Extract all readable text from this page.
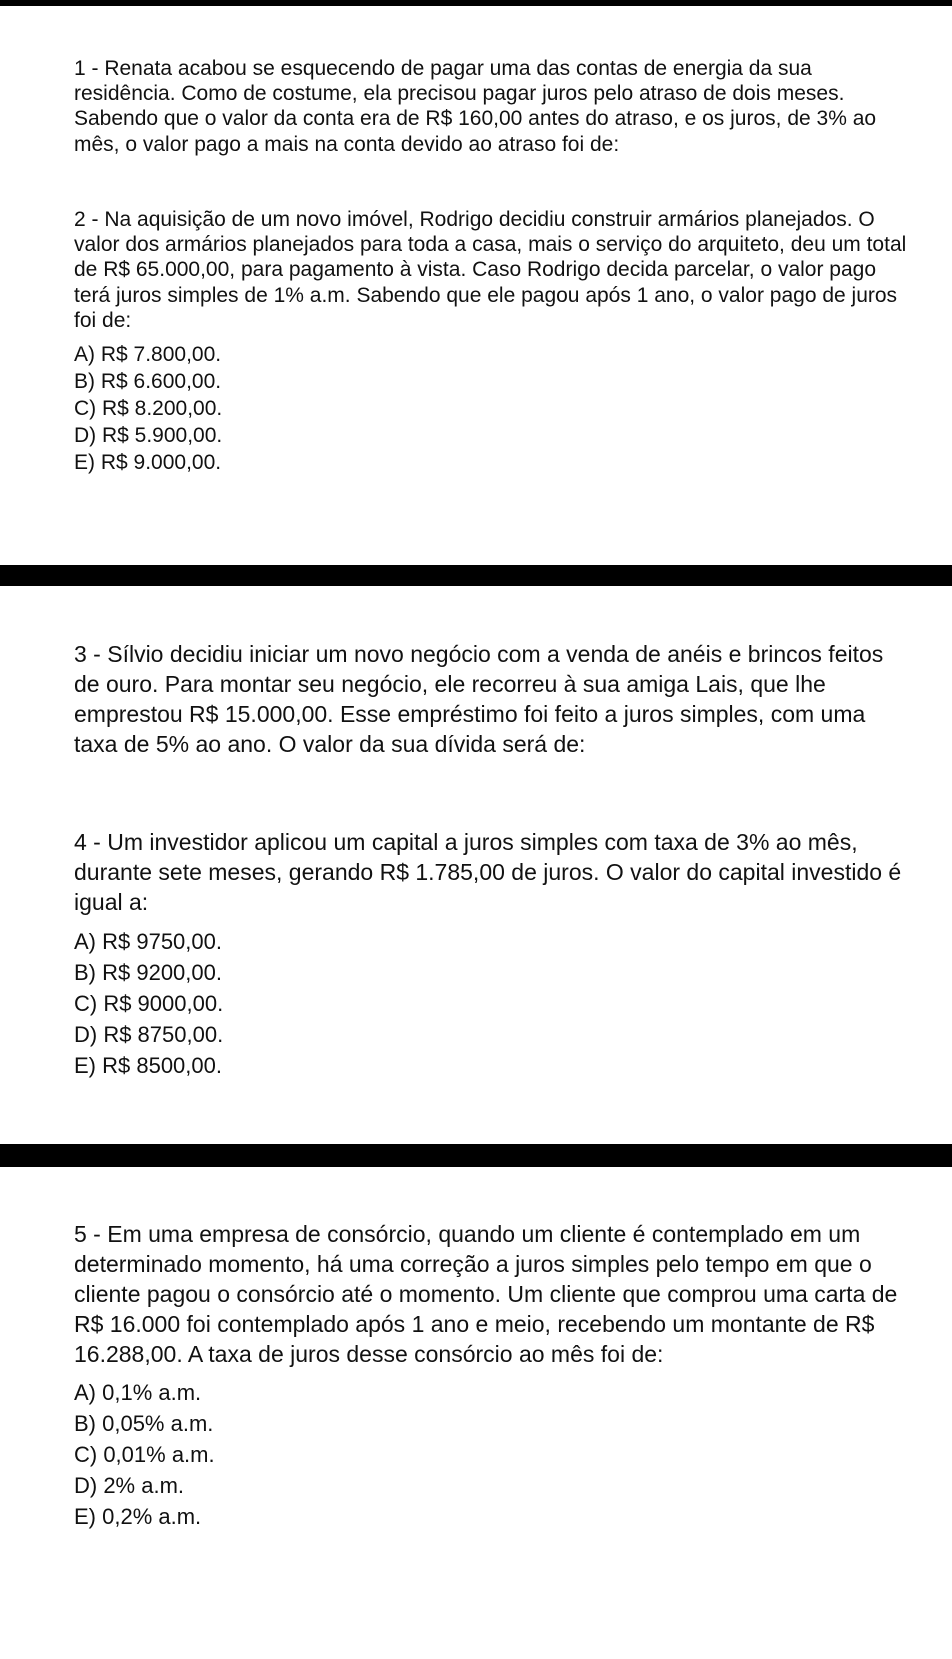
1 - Renata acabou se esquecendo de pagar uma das contas de energia da sua residência. Como de costume, ela precisou pagar juros pelo atraso de dois meses. Sabendo que o valor da conta era de R$ 160,00 antes do atraso, e os juros, de 3% ao mês, o valor pago a mais na conta devido ao atraso foi de:

2 - Na aquisição de um novo imóvel, Rodrigo decidiu construir armários planejados. O valor dos armários planejados para toda a casa, mais o serviço do arquiteto, deu um total de R$ 65.000,00, para pagamento à vista. Caso Rodrigo decida parcelar, o valor pago terá juros simples de 1% a.m. Sabendo que ele pagou após 1 ano, o valor pago de juros foi de:

A) R$ 7.800,00.
B) R$ 6.600,00.
C) R$ 8.200,00.
D) R$ 5.900,00.
E) R$ 9.000,00.

3 - Sílvio decidiu iniciar um novo negócio com a venda de anéis e brincos feitos de ouro. Para montar seu negócio, ele recorreu à sua amiga Lais, que lhe emprestou R$ 15.000,00. Esse empréstimo foi feito a juros simples, com uma taxa de 5% ao ano. O valor da sua dívida será de:

4 - Um investidor aplicou um capital a juros simples com taxa de 3% ao mês, durante sete meses, gerando R$ 1.785,00 de juros. O valor do capital investido é igual a:

A) R$ 9750,00.
B) R$ 9200,00.
C) R$ 9000,00.
D) R$ 8750,00.
E) R$ 8500,00.

5 - Em uma empresa de consórcio, quando um cliente é contemplado em um determinado momento, há uma correção a juros simples pelo tempo em que o cliente pagou o consórcio até o momento. Um cliente que comprou uma carta de R$ 16.000 foi contemplado após 1 ano e meio, recebendo um montante de R$ 16.288,00. A taxa de juros desse consórcio ao mês foi de:

A) 0,1% a.m.
B) 0,05% a.m.
C) 0,01% a.m.
D) 2% a.m.
E) 0,2% a.m.
